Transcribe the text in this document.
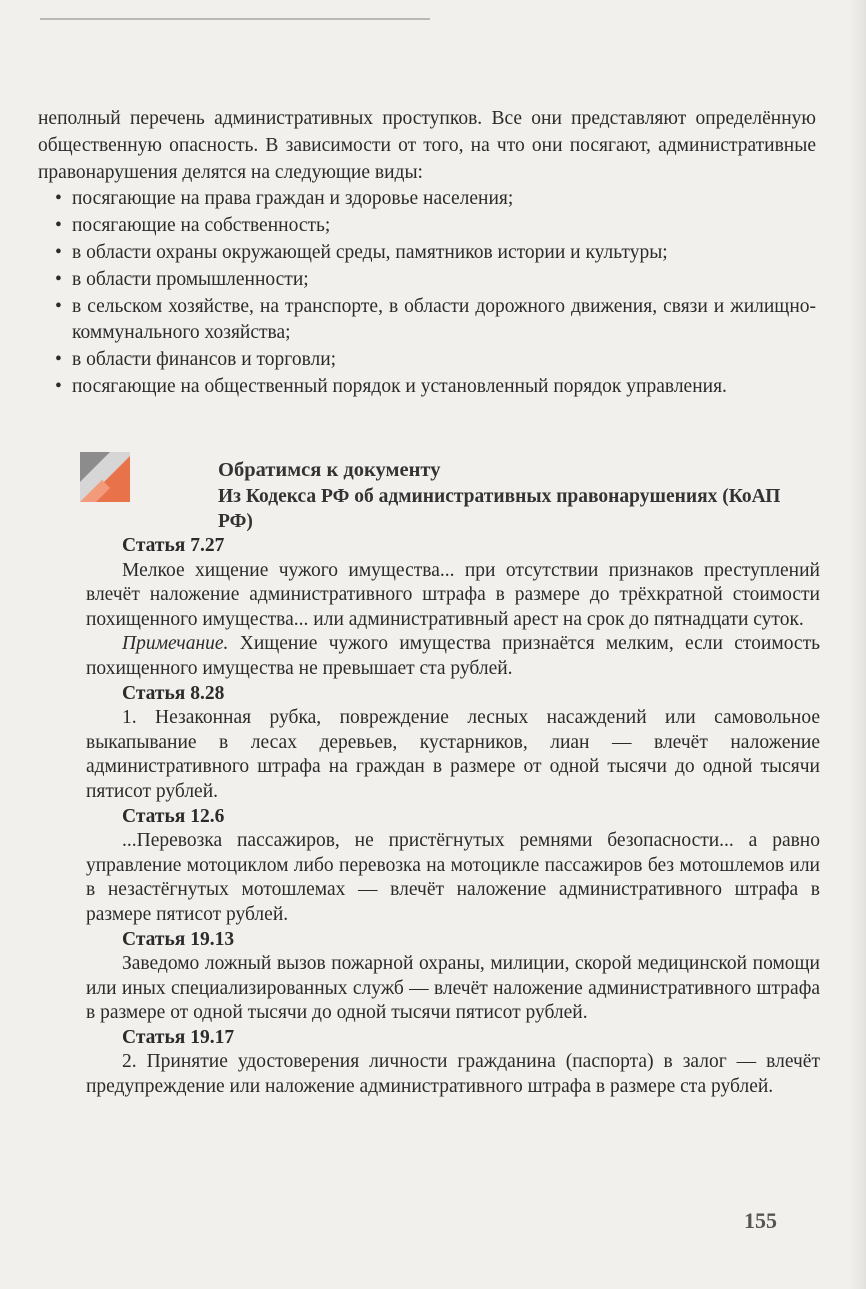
неполный перечень административных проступков. Все они представляют определённую общественную опасность. В зависимости от того, на что они посягают, административные правонарушения делятся на следующие виды:

• посягающие на права граждан и здоровье населения;
• посягающие на собственность;
• в области охраны окружающей среды, памятников истории и культуры;
• в области промышленности;
• в сельском хозяйстве, на транспорте, в области дорожного движения, связи и жилищно-коммунального хозяйства;
• в области финансов и торговли;
• посягающие на общественный порядок и установленный порядок управления.
Обратимся к документу
Из Кодекса РФ об административных правонарушениях (КоАП РФ)

Статья 7.27

Мелкое хищение чужого имущества... при отсутствии признаков преступлений влечёт наложение административного штрафа в размере до трёхкратной стоимости похищенного имущества... или административный арест на срок до пятнадцати суток.

Примечание. Хищение чужого имущества признаётся мелким, если стоимость похищенного имущества не превышает ста рублей.

Статья 8.28

1. Незаконная рубка, повреждение лесных насаждений или самовольное выкапывание в лесах деревьев, кустарников, лиан — влечёт наложение административного штрафа на граждан в размере от одной тысячи до одной тысячи пятисот рублей.

Статья 12.6

...Перевозка пассажиров, не пристёгнутых ремнями безопасности... а равно управление мотоциклом либо перевозка на мотоцикле пассажиров без мотошлемов или в незастёгнутых мотошлемах — влечёт наложение административного штрафа в размере пятисот рублей.

Статья 19.13

Заведомо ложный вызов пожарной охраны, милиции, скорой медицинской помощи или иных специализированных служб — влечёт наложение административного штрафа в размере от одной тысячи до одной тысячи пятисот рублей.

Статья 19.17

2. Принятие удостоверения личности гражданина (паспорта) в залог — влечёт предупреждение или наложение административного штрафа в размере ста рублей.

155
